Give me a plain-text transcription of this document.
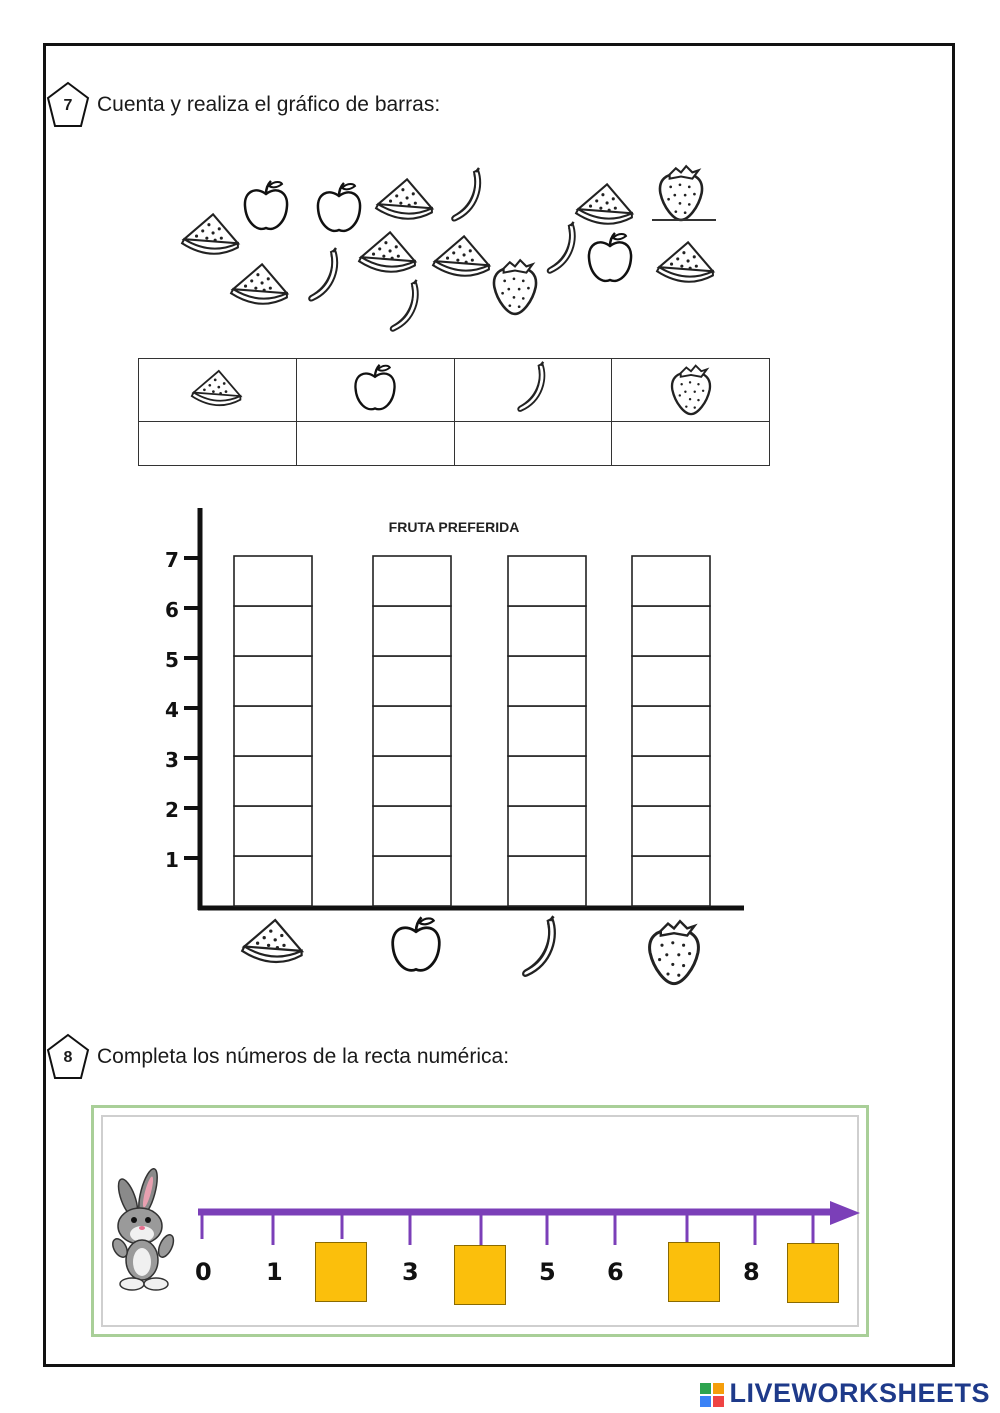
7	Cuenta y realiza el gráfico de barras:

FRUTA PREFERIDA
1
2
3
4
5
6
7
8	Completa los números de la recta numérica:
0 1	3	5 6	8
LIVEWORKSHEETS
